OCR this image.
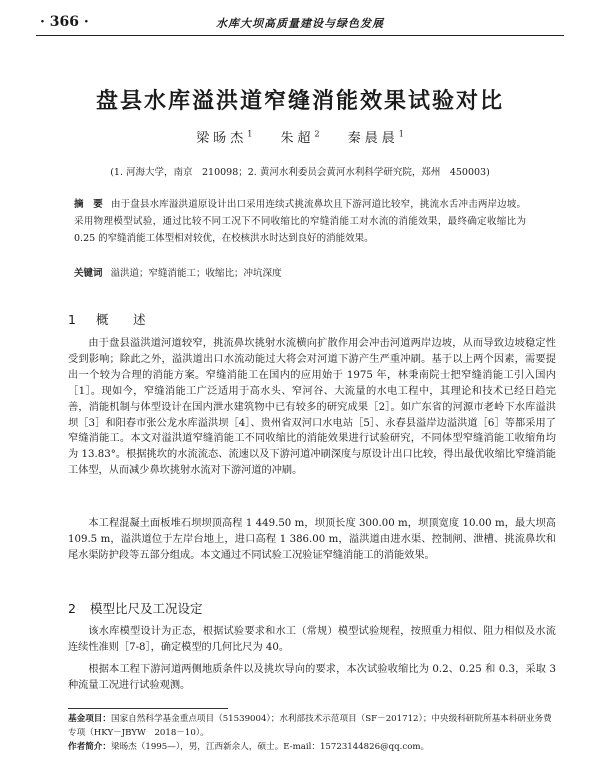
· 366 ·	水库大坝高质量建设与绿色发展
盘县水库溢洪道窄缝消能效果试验对比
梁旸杰$^1$ 朱超$^2$ 秦晨晨$^1$
(1. 河海大学，南京　210098；2. 黄河水利委员会黄河水利科学研究院，郑州　450003)
摘　要 由于盘县水库溢洪道原设计出口采用连续式挑流鼻坎且下游河道比较窄，挑流水舌冲击两岸边坡。采用物理模型试验，通过比较不同工况下不同收缩比的窄缝消能工对水流的消能效果，最终确定收缩比为 0.25 的窄缝消能工体型相对较优，在校核洪水时达到良好的消能效果。
关键词 溢洪道；窄缝消能工；收缩比；冲坑深度
1 概　述
由于盘县溢洪道河道较窄，挑流鼻坎挑射水流横向扩散作用会冲击河道两岸边坡，从而导致边坡稳定性受到影响；除此之外，溢洪道出口水流动能过大将会对河道下游产生严重冲刷。基于以上两个因素，需要提出一个较为合理的消能方案。窄缝消能工在国内的应用始于 1975 年，林秉南院士把窄缝消能工引入国内［1］。现如今，窄缝消能工广泛适用于高水头、窄河谷、大流量的水电工程中，其理论和技术已经日趋完善，消能机制与体型设计在国内泄水建筑物中已有较多的研究成果［2］。如广东省的河源市老岭下水库溢洪坝［3］和阳春市张公龙水库溢洪坝［4］、贵州省双河口水电站［5］、永春县溢岸边溢洪道［6］等都采用了窄缝消能工。本文对溢洪道窄缝消能工不同收缩比的消能效果进行试验研究，不同体型窄缝消能工收缩角均为 13.83°。根据挑坎的水流流态、流速以及下游河道冲刷深度与原设计出口比较，得出最优收缩比窄缝消能工体型，从而减少鼻坎挑射水流对下游河道的冲刷。
本工程混凝土面板堆石坝坝顶高程 1 449.50 m，坝顶长度 300.00 m，坝顶宽度 10.00 m，最大坝高 109.5 m，溢洪道位于左岸台地上，进口高程 1 386.00 m，溢洪道由进水渠、控制闸、泄槽、挑流鼻坎和尾水渠防护段等五部分组成。本文通过不同试验工况验证窄缝消能工的消能效果。
2 模型比尺及工况设定
该水库模型设计为正态，根据试验要求和水工（常规）模型试验规程，按照重力相似、阻力相似及水流连续性准则［7-8］，确定模型的几何比尺为 40。
根据本工程下游河道两侧地质条件以及挑坎导向的要求，本次试验收缩比为 0.2、0.25 和 0.3，采取 3 种流量工况进行试验观测。
基金项目：国家自然科学基金重点项目（51539004）；水利部技术示范项目（SF－201712）；中央级科研院所基本科研业务费专项（HKY－JBYW　2018－10）。
作者简介：梁旸杰（1995—），男，江西新余人，硕士。E-mail：15723144826@qq.com。
